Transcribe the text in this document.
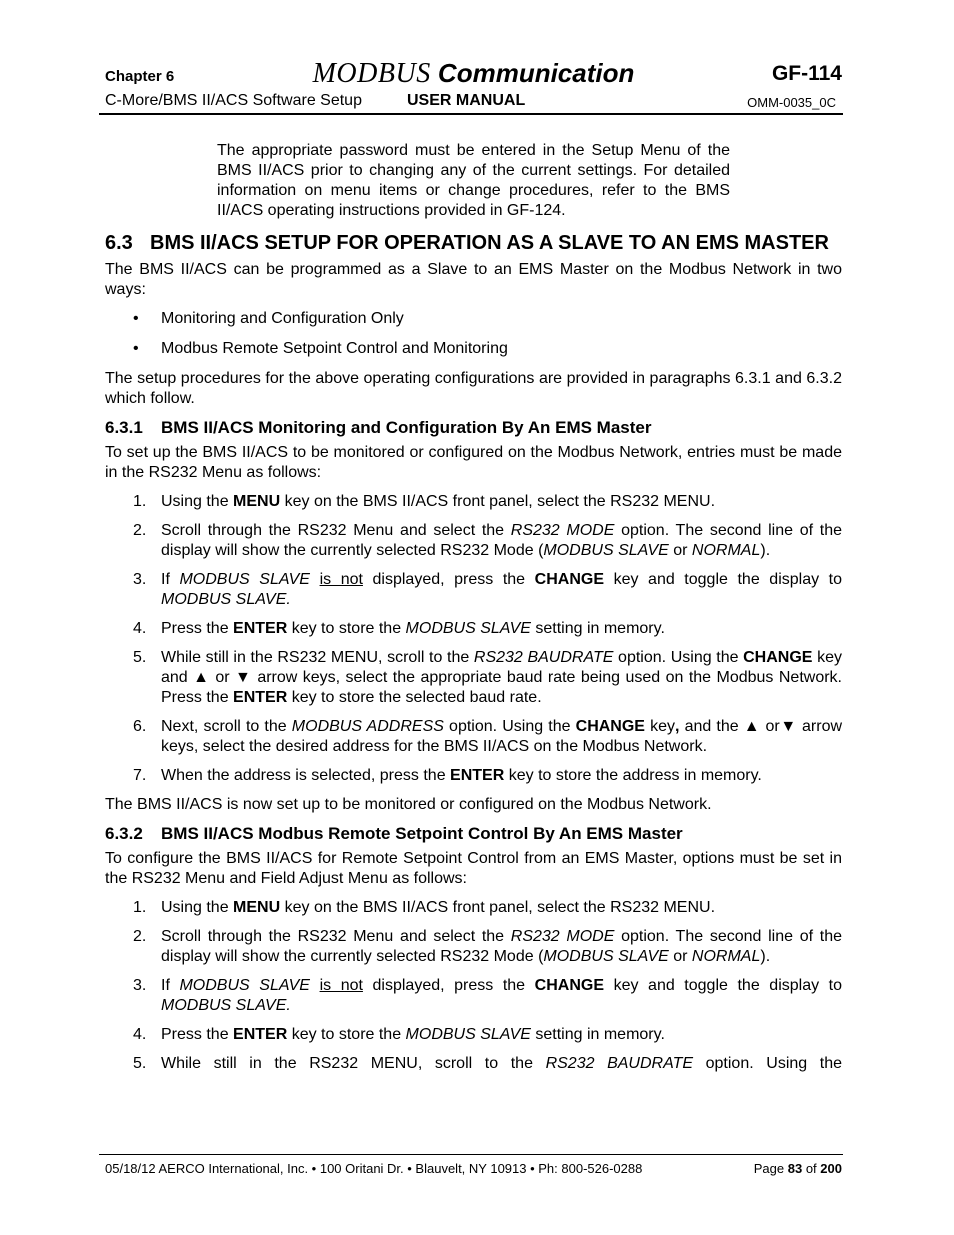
Chapter 6	MODBUS Communication	GF-114
C-More/BMS II/ACS Software Setup	USER MANUAL	OMM-0035_0C

The appropriate password must be entered in the Setup Menu of the BMS II/ACS prior to changing any of the current settings. For detailed information on menu items or change procedures, refer to the BMS II/ACS operating instructions provided in GF-124.

6.3 BMS II/ACS SETUP FOR OPERATION AS A SLAVE TO AN EMS MASTER

The BMS II/ACS can be programmed as a Slave to an EMS Master on the Modbus Network in two ways:

•	Monitoring and Configuration Only
•	Modbus Remote Setpoint Control and Monitoring

The setup procedures for the above operating configurations are provided in paragraphs 6.3.1 and 6.3.2 which follow.

6.3.1	BMS II/ACS Monitoring and Configuration By An EMS Master

To set up the BMS II/ACS to be monitored or configured on the Modbus Network, entries must be made in the RS232 Menu as follows:

1. Using the MENU key on the BMS II/ACS front panel, select the RS232 MENU.

2. Scroll through the RS232 Menu and select the RS232 MODE option. The second line of the display will show the currently selected RS232 Mode (MODBUS SLAVE or NORMAL).

3. If MODBUS SLAVE is not displayed, press the CHANGE key and toggle the display to MODBUS SLAVE.

4. Press the ENTER key to store the MODBUS SLAVE setting in memory.

5. While still in the RS232 MENU, scroll to the RS232 BAUDRATE option. Using the CHANGE key and ▲ or ▼ arrow keys, select the appropriate baud rate being used on the Modbus Network. Press the ENTER key to store the selected baud rate.

6. Next, scroll to the MODBUS ADDRESS option. Using the CHANGE key, and the ▲ or▼ arrow keys, select the desired address for the BMS II/ACS on the Modbus Network.

7. When the address is selected, press the ENTER key to store the address in memory.

The BMS II/ACS is now set up to be monitored or configured on the Modbus Network.

6.3.2	BMS II/ACS Modbus Remote Setpoint Control By An EMS Master

To configure the BMS II/ACS for Remote Setpoint Control from an EMS Master, options must be set in the RS232 Menu and Field Adjust Menu as follows:

1. Using the MENU key on the BMS II/ACS front panel, select the RS232 MENU.

2. Scroll through the RS232 Menu and select the RS232 MODE option. The second line of the display will show the currently selected RS232 Mode (MODBUS SLAVE or NORMAL).

3. If MODBUS SLAVE is not displayed, press the CHANGE key and toggle the display to MODBUS SLAVE.

4. Press the ENTER key to store the MODBUS SLAVE setting in memory.

5. While still in the RS232 MENU, scroll to the RS232 BAUDRATE option. Using the

05/18/12 AERCO International, Inc. • 100 Oritani Dr. • Blauvelt, NY 10913 • Ph: 800-526-0288	Page 83 of 200
